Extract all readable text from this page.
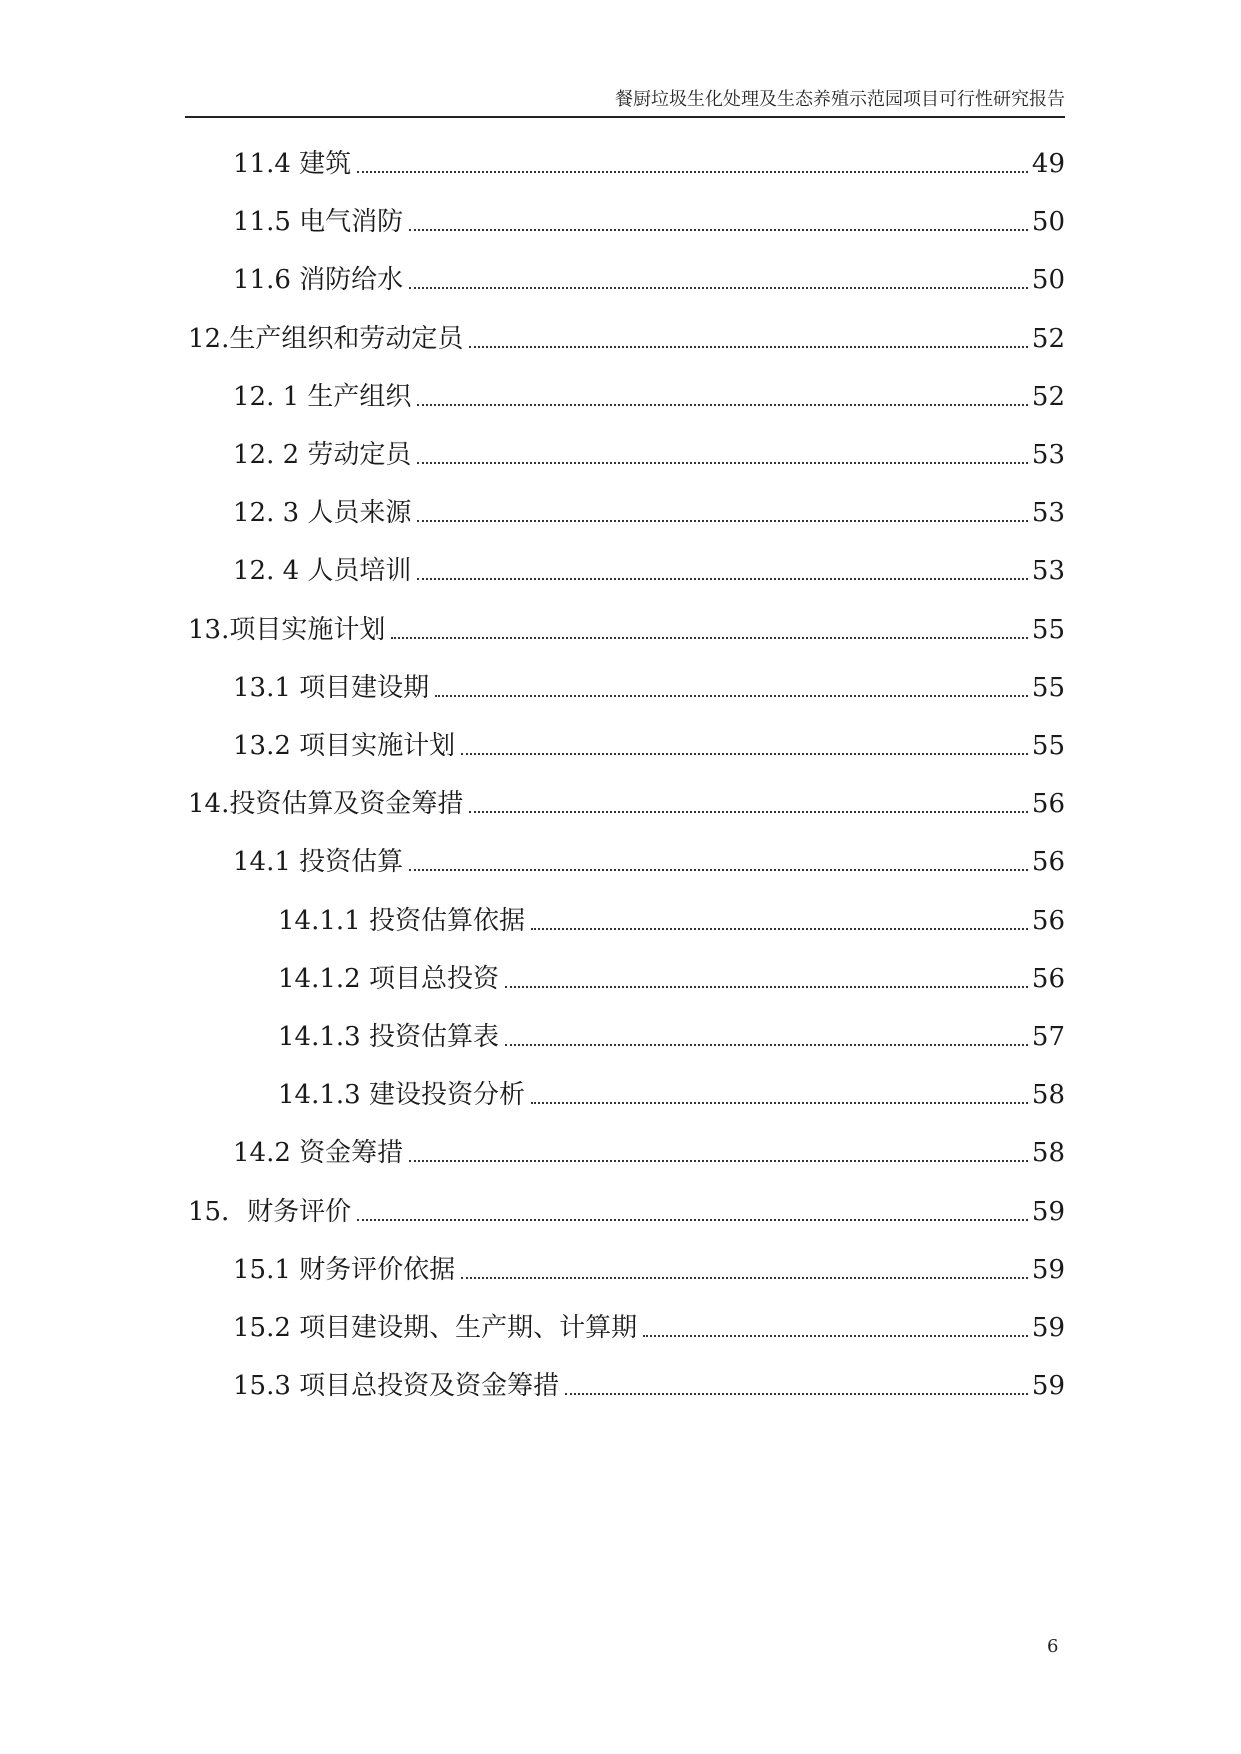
餐厨垃圾生化处理及生态养殖示范园项目可行性研究报告
11.4 建筑	49
11.5 电气消防	50
11.6 消防给水	50
12.生产组织和劳动定员	52
12. 1 生产组织	52
12. 2 劳动定员	53
12. 3 人员来源	53
12. 4 人员培训	53
13.项目实施计划	55
13.1 项目建设期	55
13.2 项目实施计划	55
14.投资估算及资金筹措	56
14.1 投资估算	56
14.1.1 投资估算依据	56
14.1.2 项目总投资	56
14.1.3 投资估算表	57
14.1.3 建设投资分析	58
14.2 资金筹措	58
15．财务评价	59
15.1 财务评价依据	59
15.2 项目建设期、生产期、计算期	59
15.3 项目总投资及资金筹措	59
6
